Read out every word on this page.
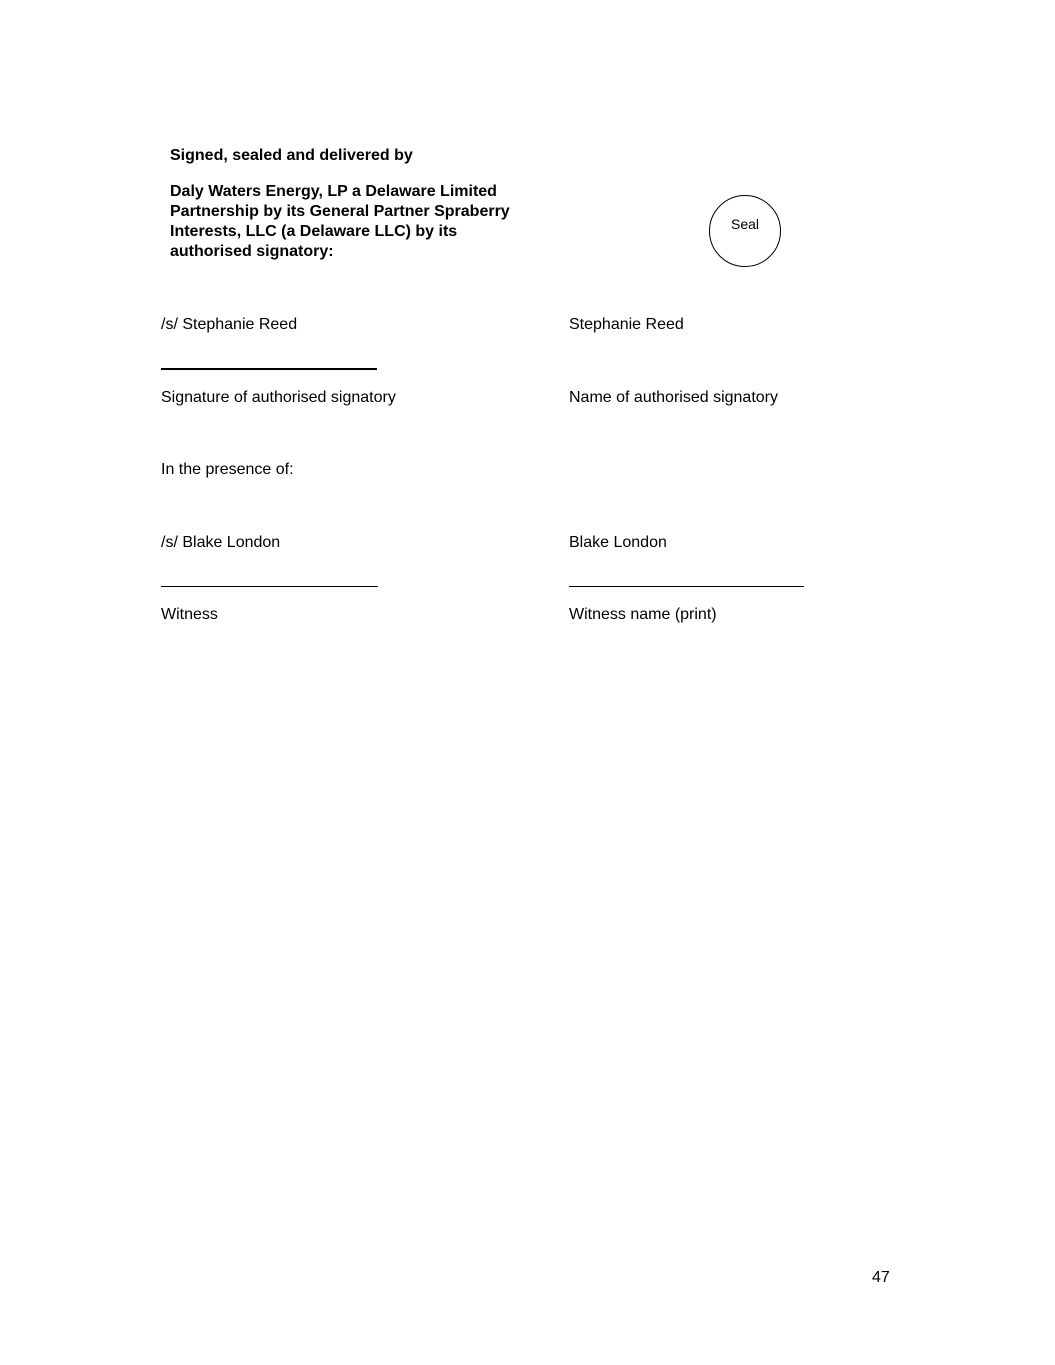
Signed, sealed and delivered by
Daly Waters Energy, LP a Delaware Limited
Partnership by its General Partner Spraberry
Interests, LLC (a Delaware LLC) by its
authorised signatory:
Seal
/s/ Stephanie Reed	Stephanie Reed
Signature of authorised signatory	Name of authorised signatory
In the presence of:
/s/ Blake London	Blake London
Witness	Witness name (print)
47
